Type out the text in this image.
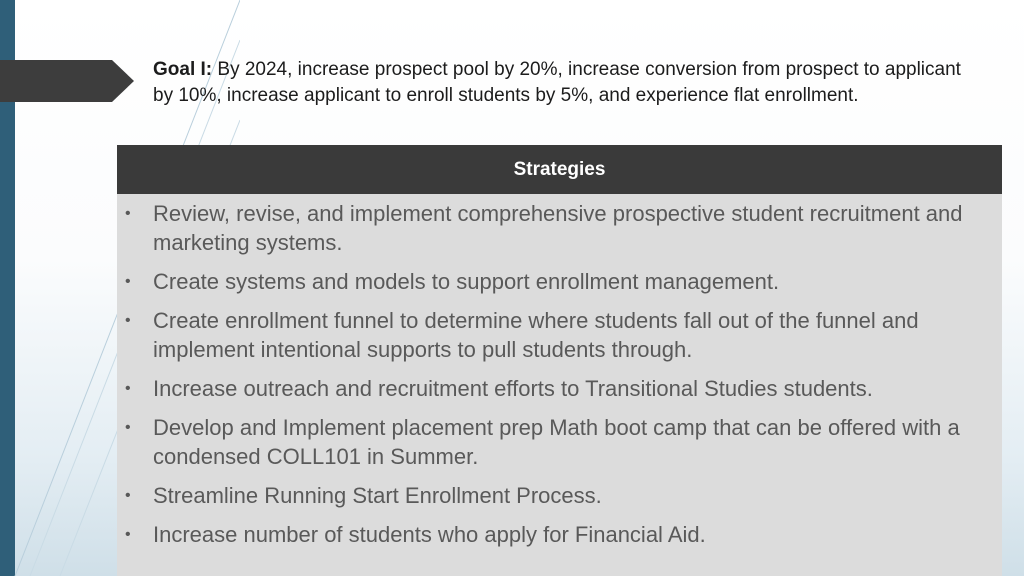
Goal I: By 2024, increase prospect pool by 20%, increase conversion from prospect to applicant by 10%, increase applicant to enroll students by 5%, and experience flat enrollment.
Strategies
• Review, revise, and implement comprehensive prospective student recruitment and marketing systems.
• Create systems and models to support enrollment management.
• Create enrollment funnel to determine where students fall out of the funnel and implement intentional supports to pull students through.
• Increase outreach and recruitment efforts to Transitional Studies students.
• Develop and Implement placement prep Math boot camp that can be offered with a condensed COLL101 in Summer.
• Streamline Running Start Enrollment Process.
• Increase number of students who apply for Financial Aid.
